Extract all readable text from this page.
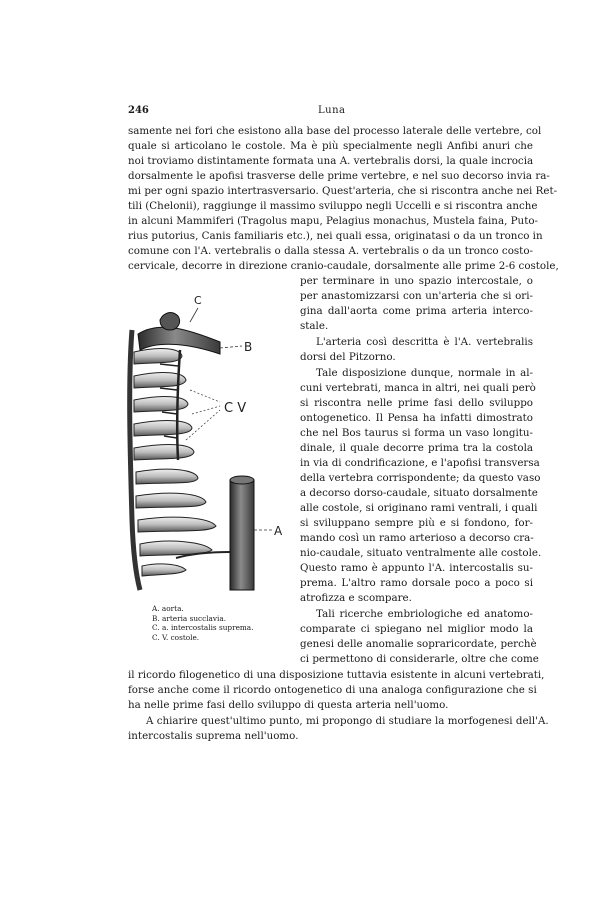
246	Luna
samente nei fori che esistono alla base del processo laterale delle vertebre, col
quale si articolano le costole. Ma è più specialmente negli Anfibi anuri che
noi troviamo distintamente formata una A. vertebralis dorsi, la quale incrocia
dorsalmente le apofisi trasverse delle prime vertebre, e nel suo decorso invia ra-
mi per ogni spazio intertrasversario. Quest'arteria, che si riscontra anche nei Ret-
tili (Chelonii), raggiunge il massimo sviluppo negli Uccelli e si riscontra anche
in alcuni Mammiferi (Tragolus mapu, Pelagius monachus, Mustela faina, Puto-
rius putorius, Canis familiaris etc.), nei quali essa, originatasi o da un tronco in
comune con l'A. vertebralis o dalla stessa A. vertebralis o da un tronco costo-
cervicale, decorre in direzione cranio-caudale, dorsalmente alle prime 2-6 costole,
per terminare in uno spazio intercostale, o
per anastomizzarsi con un'arteria che si ori-
gina dall'aorta come prima arteria interco-
stale.
L'arteria così descritta è l'A. vertebralis
dorsi del Pitzorno.
Tale disposizione dunque, normale in al-
cuni vertebrati, manca in altri, nei quali però
si riscontra nelle prime fasi dello sviluppo
ontogenetico. Il Pensa ha infatti dimostrato
che nel Bos taurus si forma un vaso longitu-
dinale, il quale decorre prima tra la costola
in via di condrificazione, e l'apofisi transversa
della vertebra corrispondente; da questo vaso
a decorso dorso-caudale, situato dorsalmente
alle costole, si originano rami ventrali, i quali
si sviluppano sempre più e si fondono, for-
mando così un ramo arterioso a decorso cra-
nio-caudale, situato ventralmente alle costole.
Questo ramo è appunto l'A. intercostalis su-
prema. L'altro ramo dorsale poco a poco si
atrofizza e scompare.
Tali ricerche embriologiche ed anatomo-
comparate ci spiegano nel miglior modo la
genesi delle anomalie sopraricordate, perchè
ci permettono di considerarle, oltre che come
il ricordo filogenetico di una disposizione tuttavia esistente in alcuni vertebrati,
forse anche come il ricordo ontogenetico di una analoga configurazione che si
ha nelle prime fasi dello sviluppo di questa arteria nell'uomo.
A chiarire quest'ultimo punto, mi propongo di studiare la morfogenesi dell'A.
intercostalis suprema nell'uomo.
C
B
C V
A
A. aorta.
B. arteria succlavia.
C. a. intercostalis suprema.
C. V. costole.
